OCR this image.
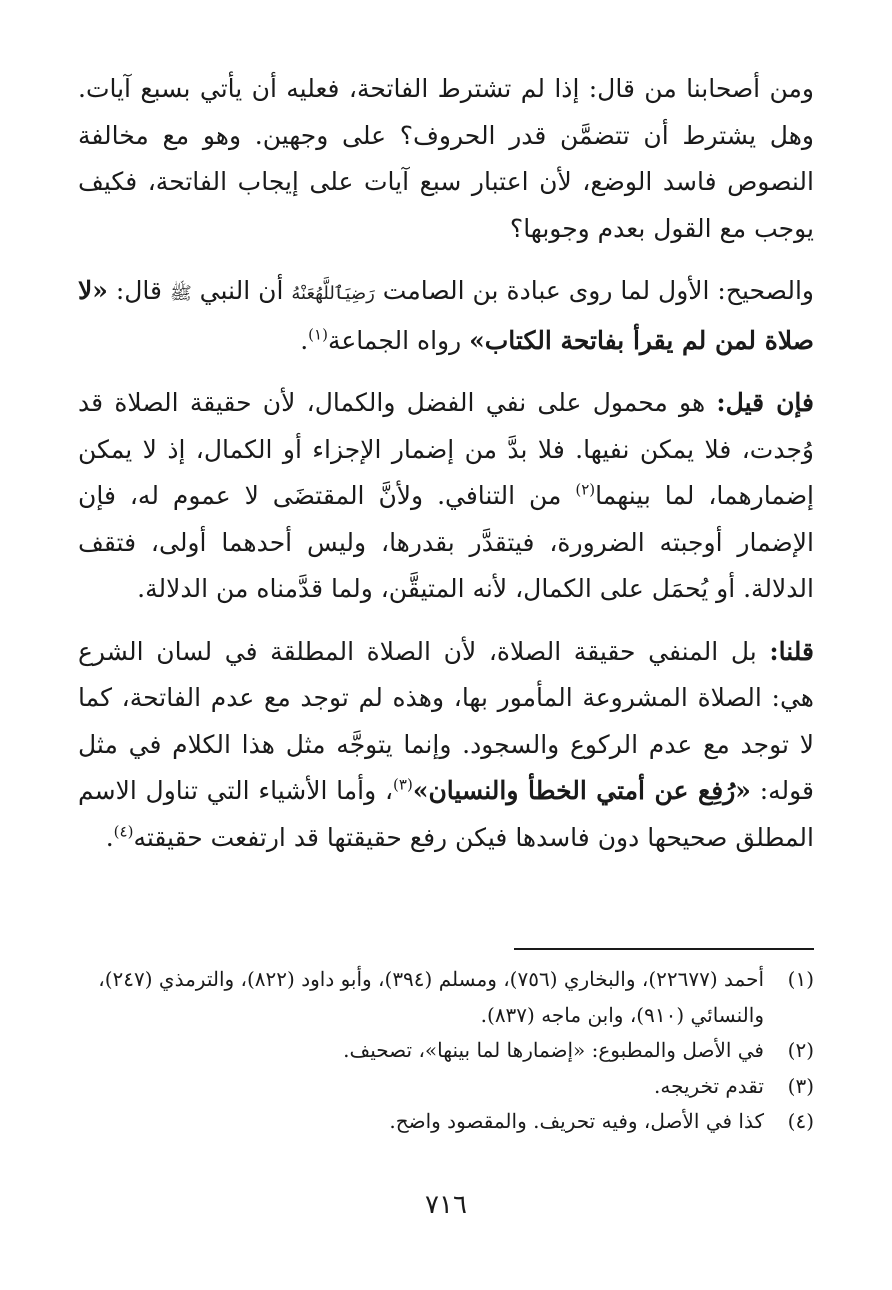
ومن أصحابنا من قال: إذا لم تشترط الفاتحة، فعليه أن يأتي بسبع آيات. وهل يشترط أن تتضمَّن قدر الحروف؟ على وجهين. وهو مع مخالفة النصوص فاسد الوضع، لأن اعتبار سبع آيات على إيجاب الفاتحة، فكيف يوجب مع القول بعدم وجوبها؟

والصحيح: الأول لما روى عبادة بن الصامت رَضِيَٱللَّهُعَنْهُ أن النبي ﷺ قال: «لا صلاة لمن لم يقرأ بفاتحة الكتاب» رواه الجماعة$^{(١)}$.

فإن قيل: هو محمول على نفي الفضل والكمال، لأن حقيقة الصلاة قد وُجدت، فلا يمكن نفيها. فلا بدَّ من إضمار الإجزاء أو الكمال، إذ لا يمكن إضمارهما، لما بينهما$^{(٢)}$ من التنافي. ولأنَّ المقتضَى لا عموم له، فإن الإضمار أوجبته الضرورة، فيتقدَّر بقدرها، وليس أحدهما أولى، فتقف الدلالة. أو يُحمَل على الكمال، لأنه المتيقَّن، ولما قدَّمناه من الدلالة.

قلنا: بل المنفي حقيقة الصلاة، لأن الصلاة المطلقة في لسان الشرع هي: الصلاة المشروعة المأمور بها، وهذه لم توجد مع عدم الفاتحة، كما لا توجد مع عدم الركوع والسجود. وإنما يتوجَّه مثل هذا الكلام في مثل قوله: «رُفِع عن أمتي الخطأ والنسيان»$^{(٣)}$، وأما الأشياء التي تناول الاسم المطلق صحيحها دون فاسدها فيكن رفع حقيقتها قد ارتفعت حقيقته$^{(٤)}$.

(١)
أحمد (٢٢٦٧٧)، والبخاري (٧٥٦)، ومسلم (٣٩٤)، وأبو داود (٨٢٢)، والترمذي (٢٤٧)، والنسائي (٩١٠)، وابن ماجه (٨٣٧).

(٢)
في الأصل والمطبوع: «إضمارها لما بينها»، تصحيف.

(٣)
تقدم تخريجه.

(٤)
كذا في الأصل، وفيه تحريف. والمقصود واضح.

٧١٦
